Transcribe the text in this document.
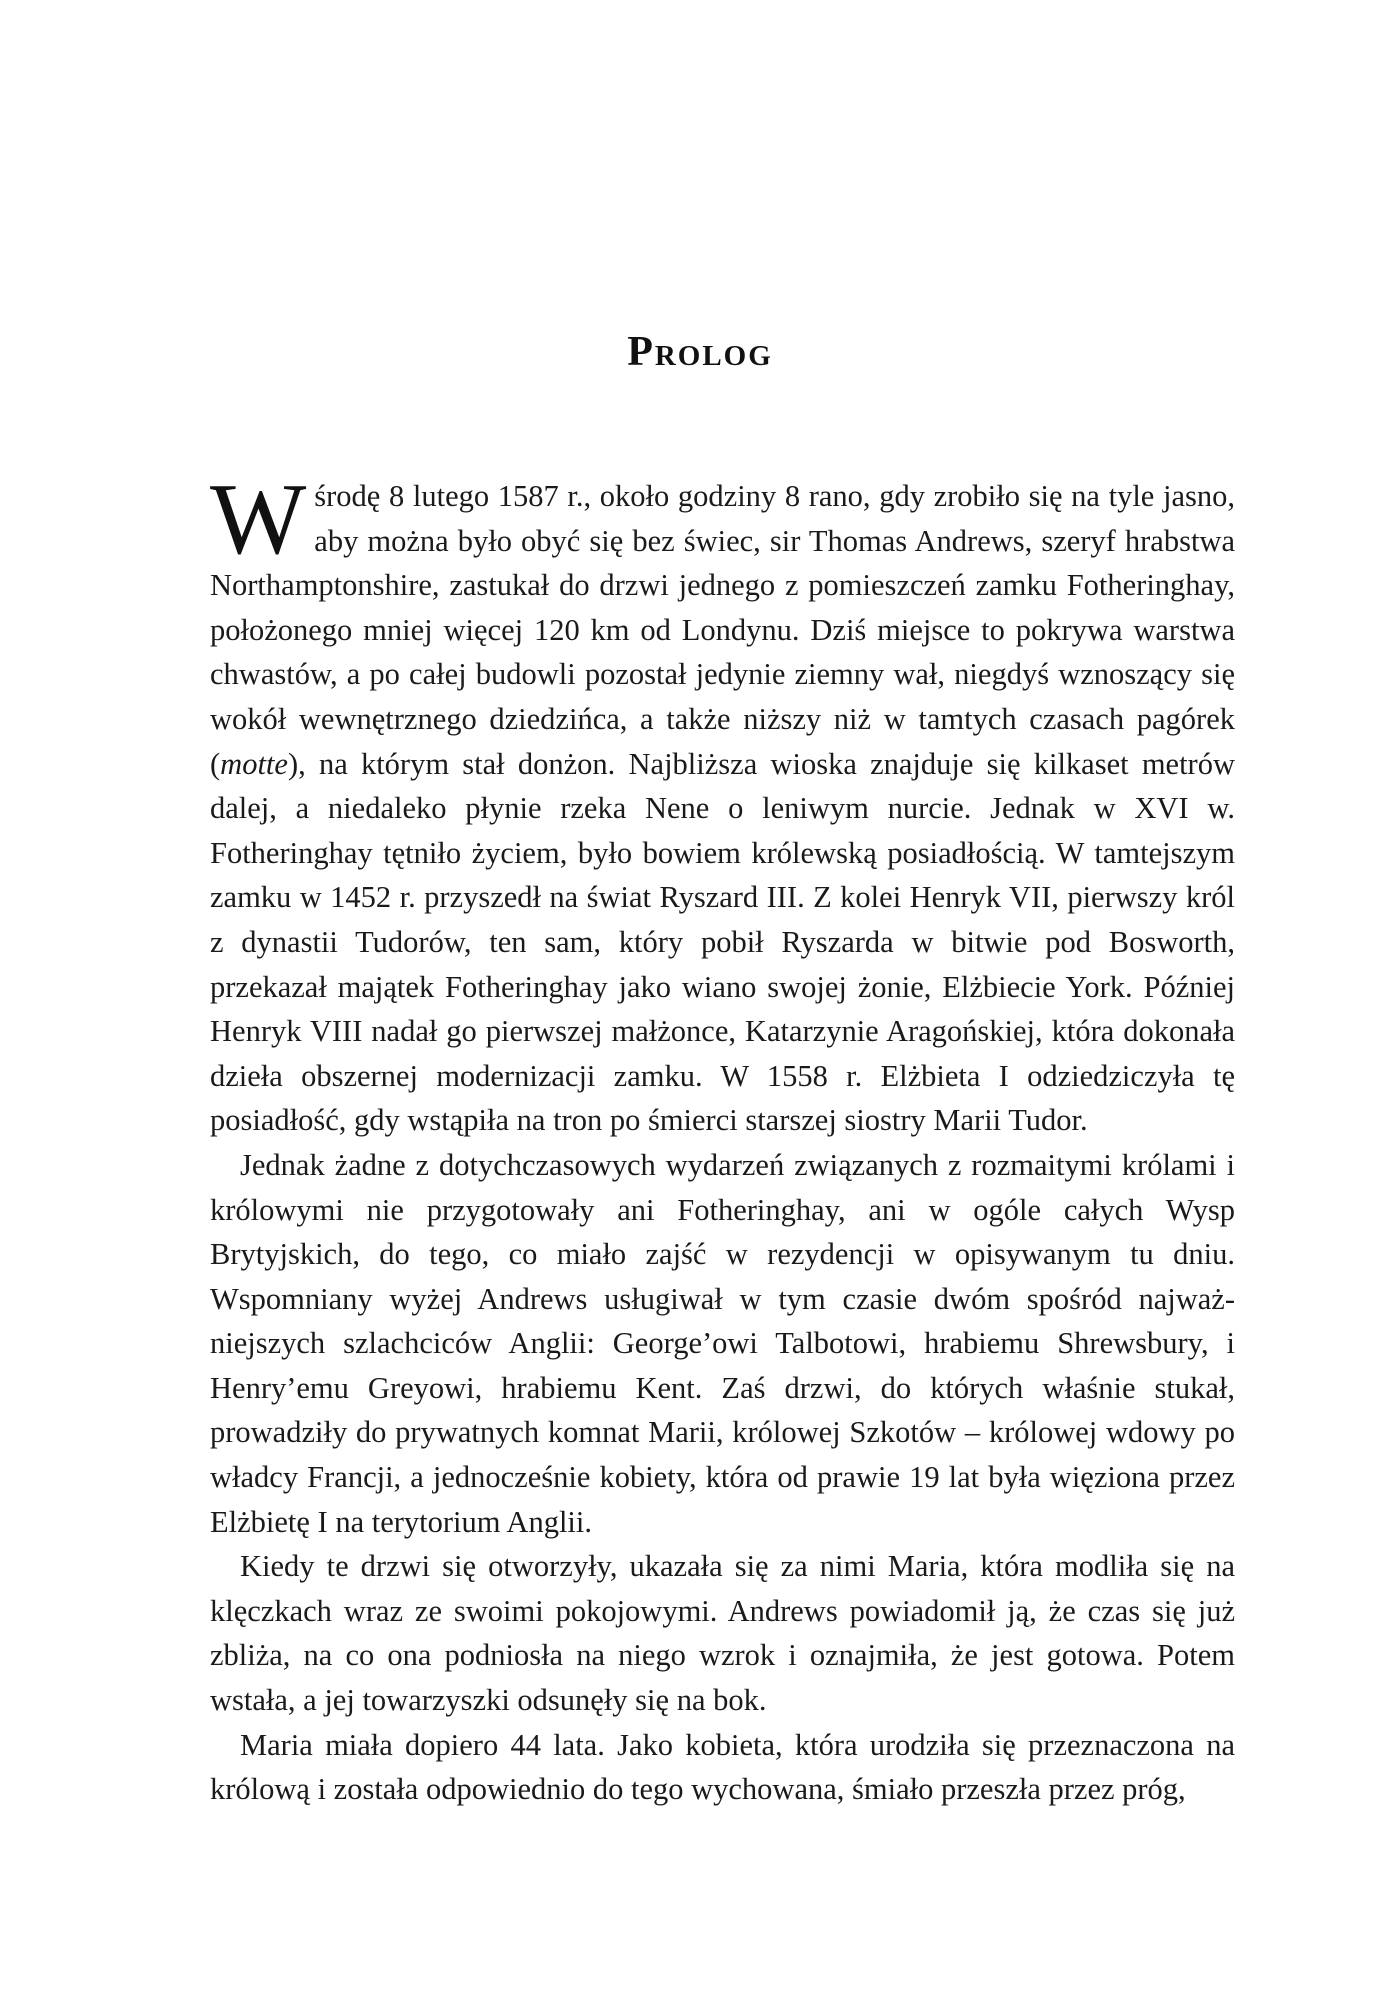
Prolog

Wśrodę 8 lutego 1587 r., około godziny 8 rano, gdy zrobiło się na tyle jasno, aby można było obyć się bez świec, sir Thomas Andrews, szeryf hrabstwa Northamptonshire, zastukał do drzwi jednego z pomieszczeń zamku Fotheringhay, położonego mniej więcej 120 km od Londynu. Dziś miejsce to pokrywa warstwa chwastów, a po całej budowli pozostał jedynie ziemny wał, niegdyś wznoszący się wokół wewnętrznego dziedzińca, a także niższy niż w tamtych czasach pagórek (motte), na którym stał donżon. Najbliższa wioska znajduje się kilkaset metrów dalej, a niedaleko płynie rzeka Nene o leniwym nurcie. Jednak w XVI w. Fotheringhay tętniło życiem, było bowiem królewską posiadłością. W tamtejszym zamku w 1452 r. przyszedł na świat Ryszard III. Z kolei Henryk VII, pierwszy król z dynastii Tudorów, ten sam, który pobił Ryszarda w bitwie pod Bosworth, przekazał majątek Fotheringhay jako wiano swojej żonie, Elżbiecie York. Później Henryk VIII nadał go pierwszej małżonce, Katarzynie Aragońskiej, która dokonała dzieła obszernej modernizacji zamku. W 1558 r. Elżbieta I odziedziczyła tę posiadłość, gdy wstąpiła na tron po śmierci starszej siostry Marii Tudor.

Jednak żadne z dotychczasowych wydarzeń związanych z rozmaitymi królami i królowymi nie przygotowały ani Fotheringhay, ani w ogóle całych Wysp Brytyjskich, do tego, co miało zajść w rezydencji w opisywanym tu dniu. Wspomniany wyżej Andrews usługiwał w tym czasie dwóm spośród najważniejszych szlachciców Anglii: George’owi Talbotowi, hrabiemu Shrewsbury, i Henry’emu Greyowi, hrabiemu Kent. Zaś drzwi, do których właśnie stukał, prowadziły do prywatnych komnat Marii, królowej Szkotów – królowej wdowy po władcy Francji, a jednocześnie kobiety, która od prawie 19 lat była więziona przez Elżbietę I na terytorium Anglii.

Kiedy te drzwi się otworzyły, ukazała się za nimi Maria, która modliła się na klęczkach wraz ze swoimi pokojowymi. Andrews powiadomił ją, że czas się już zbliża, na co ona podniosła na niego wzrok i oznajmiła, że jest gotowa. Potem wstała, a jej towarzyszki odsunęły się na bok.

Maria miała dopiero 44 lata. Jako kobieta, która urodziła się przeznaczona na królową i została odpowiednio do tego wychowana, śmiało przeszła przez próg,
